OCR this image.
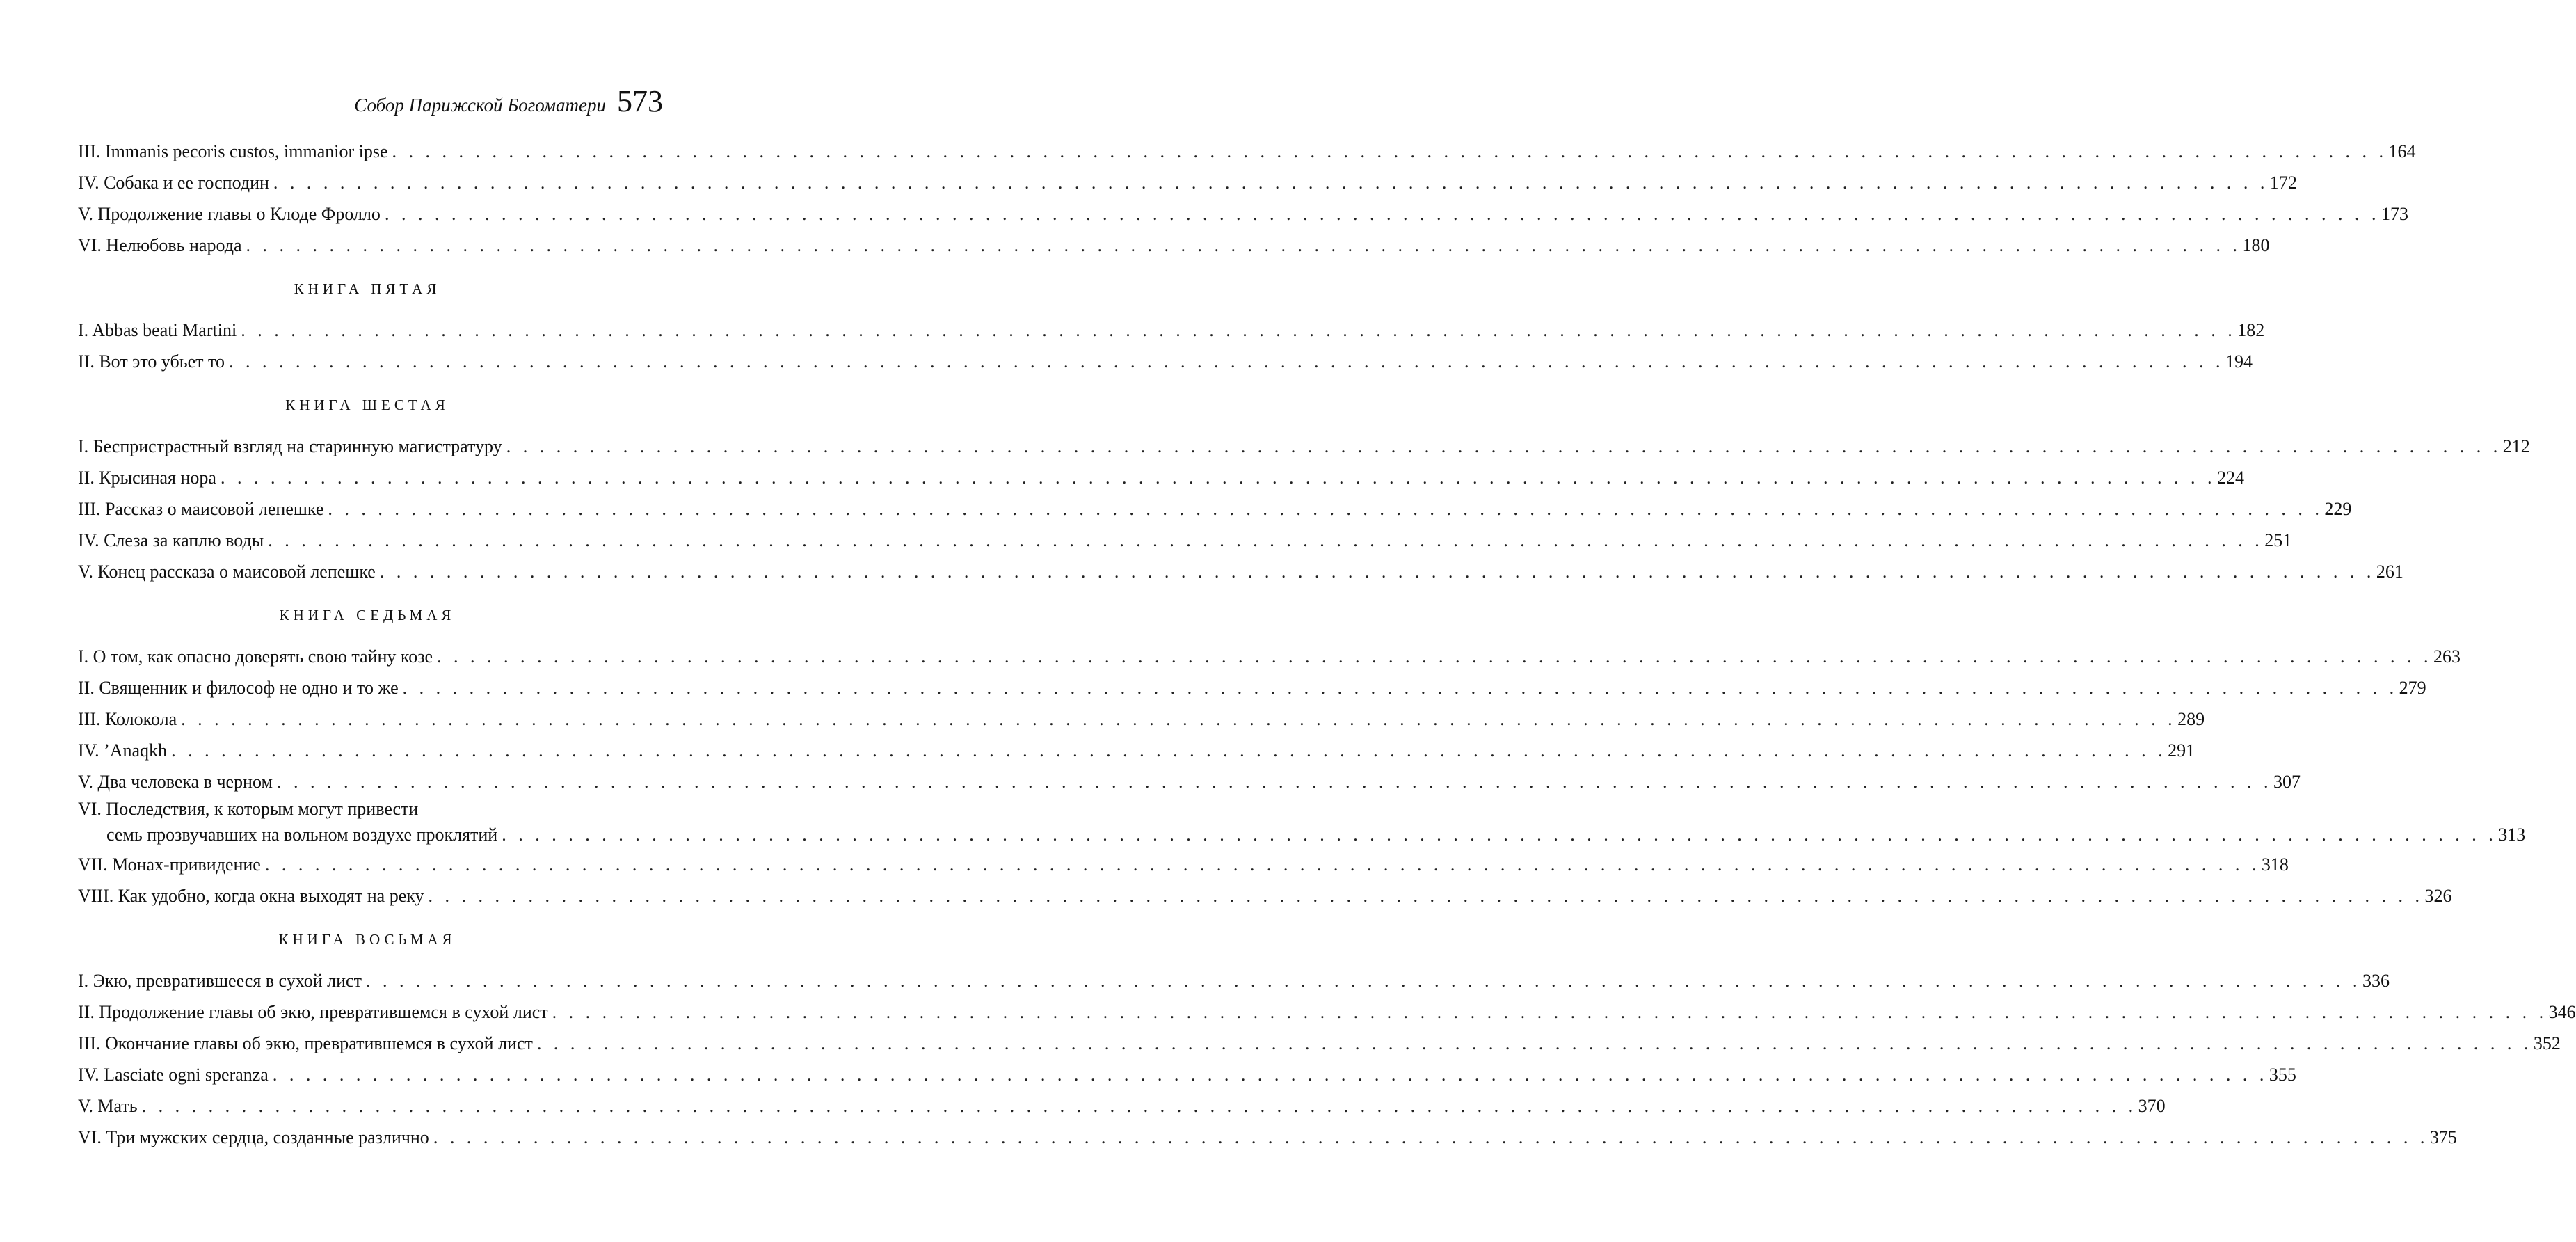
Собор Парижской Богоматери 573
III. Immanis pecoris custos, immanior ipse . . . . . . . . . . . . . . . . . . . . . . . . . . . . . . . . . . . . . . . . . . . . . . . . . . . . . . . . . . . . . . . . . . . . . . . . . . . . . . . . . . . . . . . . . . . . . . . . . . . . . . . . . . . . . . . . . . . . . . . . 164
IV. Собака и ее господин . . . . . . . . . . . . . . . . . . . . . . . . . . . . . . . . . . . . . . . . . . . . . . . . . . . . . . . . . . . . . . . . . . . . . . . . . . . . . . . . . . . . . . . . . . . . . . . . . . . . . . . . . . . . . . . . . . . . . . . . 172
V. Продолжение главы о Клоде Фролло . . . . . . . . . . . . . . . . . . . . . . . . . . . . . . . . . . . . . . . . . . . . . . . . . . . . . . . . . . . . . . . . . . . . . . . . . . . . . . . . . . . . . . . . . . . . . . . . . . . . . . . . . . . . . . . . . . . . . . . . 173
VI. Нелюбовь народа . . . . . . . . . . . . . . . . . . . . . . . . . . . . . . . . . . . . . . . . . . . . . . . . . . . . . . . . . . . . . . . . . . . . . . . . . . . . . . . . . . . . . . . . . . . . . . . . . . . . . . . . . . . . . . . . . . . . . . . . 180
КНИГА ПЯТАЯ
I. Abbas beati Martini . . . . . . . . . . . . . . . . . . . . . . . . . . . . . . . . . . . . . . . . . . . . . . . . . . . . . . . . . . . . . . . . . . . . . . . . . . . . . . . . . . . . . . . . . . . . . . . . . . . . . . . . . . . . . . . . . . . . . . . . 182
II. Вот это убьет то . . . . . . . . . . . . . . . . . . . . . . . . . . . . . . . . . . . . . . . . . . . . . . . . . . . . . . . . . . . . . . . . . . . . . . . . . . . . . . . . . . . . . . . . . . . . . . . . . . . . . . . . . . . . . . . . . . . . . . . . 194
КНИГА ШЕСТАЯ
I. Беспристрастный взгляд на старинную магистратуру . . . . . . . . . . . . . . . . . . . . . . . . . . . . . . . . . . . . . . . . . . . . . . . . . . . . . . . . . . . . . . . . . . . . . . . . . . . . . . . . . . . . . . . . . . . . . . . . . . . . . . . . . . . . . . . . . . . . . . . . 212
II. Крысиная нора . . . . . . . . . . . . . . . . . . . . . . . . . . . . . . . . . . . . . . . . . . . . . . . . . . . . . . . . . . . . . . . . . . . . . . . . . . . . . . . . . . . . . . . . . . . . . . . . . . . . . . . . . . . . . . . . . . . . . . . . 224
III. Рассказ о маисовой лепешке . . . . . . . . . . . . . . . . . . . . . . . . . . . . . . . . . . . . . . . . . . . . . . . . . . . . . . . . . . . . . . . . . . . . . . . . . . . . . . . . . . . . . . . . . . . . . . . . . . . . . . . . . . . . . . . . . . . . . . . . 229
IV. Слеза за каплю воды . . . . . . . . . . . . . . . . . . . . . . . . . . . . . . . . . . . . . . . . . . . . . . . . . . . . . . . . . . . . . . . . . . . . . . . . . . . . . . . . . . . . . . . . . . . . . . . . . . . . . . . . . . . . . . . . . . . . . . . . 251
V. Конец рассказа о маисовой лепешке . . . . . . . . . . . . . . . . . . . . . . . . . . . . . . . . . . . . . . . . . . . . . . . . . . . . . . . . . . . . . . . . . . . . . . . . . . . . . . . . . . . . . . . . . . . . . . . . . . . . . . . . . . . . . . . . . . . . . . . . 261
КНИГА СЕДЬМАЯ
I. О том, как опасно доверять свою тайну козе . . . . . . . . . . . . . . . . . . . . . . . . . . . . . . . . . . . . . . . . . . . . . . . . . . . . . . . . . . . . . . . . . . . . . . . . . . . . . . . . . . . . . . . . . . . . . . . . . . . . . . . . . . . . . . . . . . . . . . . . 263
II. Священник и философ не одно и то же . . . . . . . . . . . . . . . . . . . . . . . . . . . . . . . . . . . . . . . . . . . . . . . . . . . . . . . . . . . . . . . . . . . . . . . . . . . . . . . . . . . . . . . . . . . . . . . . . . . . . . . . . . . . . . . . . . . . . . . . 279
III. Колокола . . . . . . . . . . . . . . . . . . . . . . . . . . . . . . . . . . . . . . . . . . . . . . . . . . . . . . . . . . . . . . . . . . . . . . . . . . . . . . . . . . . . . . . . . . . . . . . . . . . . . . . . . . . . . . . . . . . . . . . . 289
IV. ’Anaqkh . . . . . . . . . . . . . . . . . . . . . . . . . . . . . . . . . . . . . . . . . . . . . . . . . . . . . . . . . . . . . . . . . . . . . . . . . . . . . . . . . . . . . . . . . . . . . . . . . . . . . . . . . . . . . . . . . . . . . . . . 291
V. Два человека в черном . . . . . . . . . . . . . . . . . . . . . . . . . . . . . . . . . . . . . . . . . . . . . . . . . . . . . . . . . . . . . . . . . . . . . . . . . . . . . . . . . . . . . . . . . . . . . . . . . . . . . . . . . . . . . . . . . . . . . . . . 307
VI. Последствия, к которым могут привести
семь прозвучавших на вольном воздухе проклятий . . . . . . . . . . . . . . . . . . . . . . . . . . . . . . . . . . . . . . . . . . . . . . . . . . . . . . . . . . . . . . . . . . . . . . . . . . . . . . . . . . . . . . . . . . . . . . . . . . . . . . . . . . . . . . . . . . . . . . . . 313
VII. Монах-привидение . . . . . . . . . . . . . . . . . . . . . . . . . . . . . . . . . . . . . . . . . . . . . . . . . . . . . . . . . . . . . . . . . . . . . . . . . . . . . . . . . . . . . . . . . . . . . . . . . . . . . . . . . . . . . . . . . . . . . . . . 318
VIII. Как удобно, когда окна выходят на реку . . . . . . . . . . . . . . . . . . . . . . . . . . . . . . . . . . . . . . . . . . . . . . . . . . . . . . . . . . . . . . . . . . . . . . . . . . . . . . . . . . . . . . . . . . . . . . . . . . . . . . . . . . . . . . . . . . . . . . . . 326
КНИГА ВОСЬМАЯ
I. Экю, превратившееся в сухой лист . . . . . . . . . . . . . . . . . . . . . . . . . . . . . . . . . . . . . . . . . . . . . . . . . . . . . . . . . . . . . . . . . . . . . . . . . . . . . . . . . . . . . . . . . . . . . . . . . . . . . . . . . . . . . . . . . . . . . . . . 336
II. Продолжение главы об экю, превратившемся в сухой лист . . . . . . . . . . . . . . . . . . . . . . . . . . . . . . . . . . . . . . . . . . . . . . . . . . . . . . . . . . . . . . . . . . . . . . . . . . . . . . . . . . . . . . . . . . . . . . . . . . . . . . . . . . . . . . . . . . . . . . . . 346
III. Окончание главы об экю, превратившемся в сухой лист . . . . . . . . . . . . . . . . . . . . . . . . . . . . . . . . . . . . . . . . . . . . . . . . . . . . . . . . . . . . . . . . . . . . . . . . . . . . . . . . . . . . . . . . . . . . . . . . . . . . . . . . . . . . . . . . . . . . . . . . 352
IV. Lasciate ogni speranza . . . . . . . . . . . . . . . . . . . . . . . . . . . . . . . . . . . . . . . . . . . . . . . . . . . . . . . . . . . . . . . . . . . . . . . . . . . . . . . . . . . . . . . . . . . . . . . . . . . . . . . . . . . . . . . . . . . . . . . . 355
V. Мать . . . . . . . . . . . . . . . . . . . . . . . . . . . . . . . . . . . . . . . . . . . . . . . . . . . . . . . . . . . . . . . . . . . . . . . . . . . . . . . . . . . . . . . . . . . . . . . . . . . . . . . . . . . . . . . . . . . . . . . . 370
VI. Три мужских сердца, созданные различно . . . . . . . . . . . . . . . . . . . . . . . . . . . . . . . . . . . . . . . . . . . . . . . . . . . . . . . . . . . . . . . . . . . . . . . . . . . . . . . . . . . . . . . . . . . . . . . . . . . . . . . . . . . . . . . . . . . . . . . . 375
